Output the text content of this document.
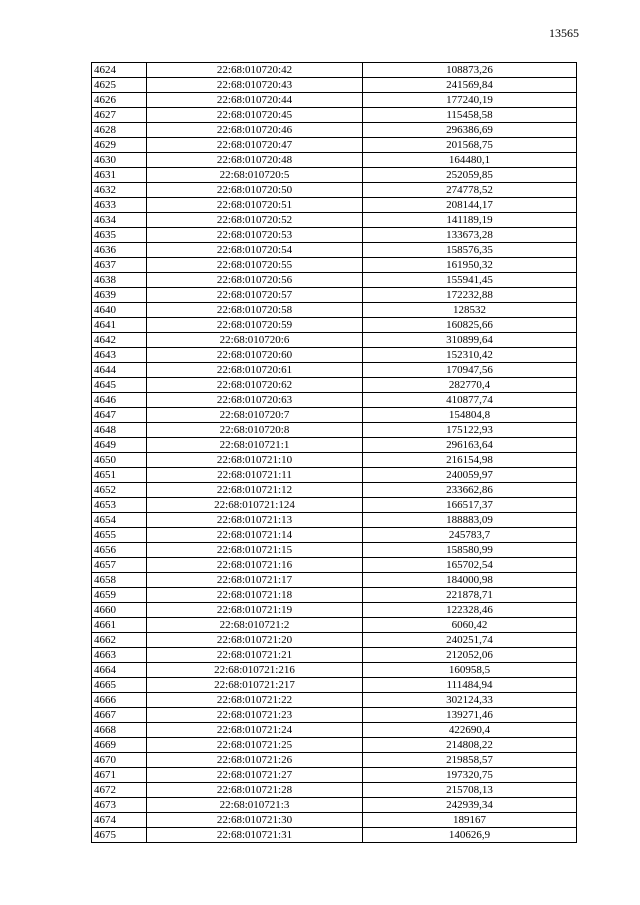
13565
4624	22:68:010720:42	108873,26
4625	22:68:010720:43	241569,84
4626	22:68:010720:44	177240,19
4627	22:68:010720:45	115458,58
4628	22:68:010720:46	296386,69
4629	22:68:010720:47	201568,75
4630	22:68:010720:48	164480,1
4631	22:68:010720:5	252059,85
4632	22:68:010720:50	274778,52
4633	22:68:010720:51	208144,17
4634	22:68:010720:52	141189,19
4635	22:68:010720:53	133673,28
4636	22:68:010720:54	158576,35
4637	22:68:010720:55	161950,32
4638	22:68:010720:56	155941,45
4639	22:68:010720:57	172232,88
4640	22:68:010720:58	128532
4641	22:68:010720:59	160825,66
4642	22:68:010720:6	310899,64
4643	22:68:010720:60	152310,42
4644	22:68:010720:61	170947,56
4645	22:68:010720:62	282770,4
4646	22:68:010720:63	410877,74
4647	22:68:010720:7	154804,8
4648	22:68:010720:8	175122,93
4649	22:68:010721:1	296163,64
4650	22:68:010721:10	216154,98
4651	22:68:010721:11	240059,97
4652	22:68:010721:12	233662,86
4653	22:68:010721:124	166517,37
4654	22:68:010721:13	188883,09
4655	22:68:010721:14	245783,7
4656	22:68:010721:15	158580,99
4657	22:68:010721:16	165702,54
4658	22:68:010721:17	184000,98
4659	22:68:010721:18	221878,71
4660	22:68:010721:19	122328,46
4661	22:68:010721:2	6060,42
4662	22:68:010721:20	240251,74
4663	22:68:010721:21	212052,06
4664	22:68:010721:216	160958,5
4665	22:68:010721:217	111484,94
4666	22:68:010721:22	302124,33
4667	22:68:010721:23	139271,46
4668	22:68:010721:24	422690,4
4669	22:68:010721:25	214808,22
4670	22:68:010721:26	219858,57
4671	22:68:010721:27	197320,75
4672	22:68:010721:28	215708,13
4673	22:68:010721:3	242939,34
4674	22:68:010721:30	189167
4675	22:68:010721:31	140626,9
